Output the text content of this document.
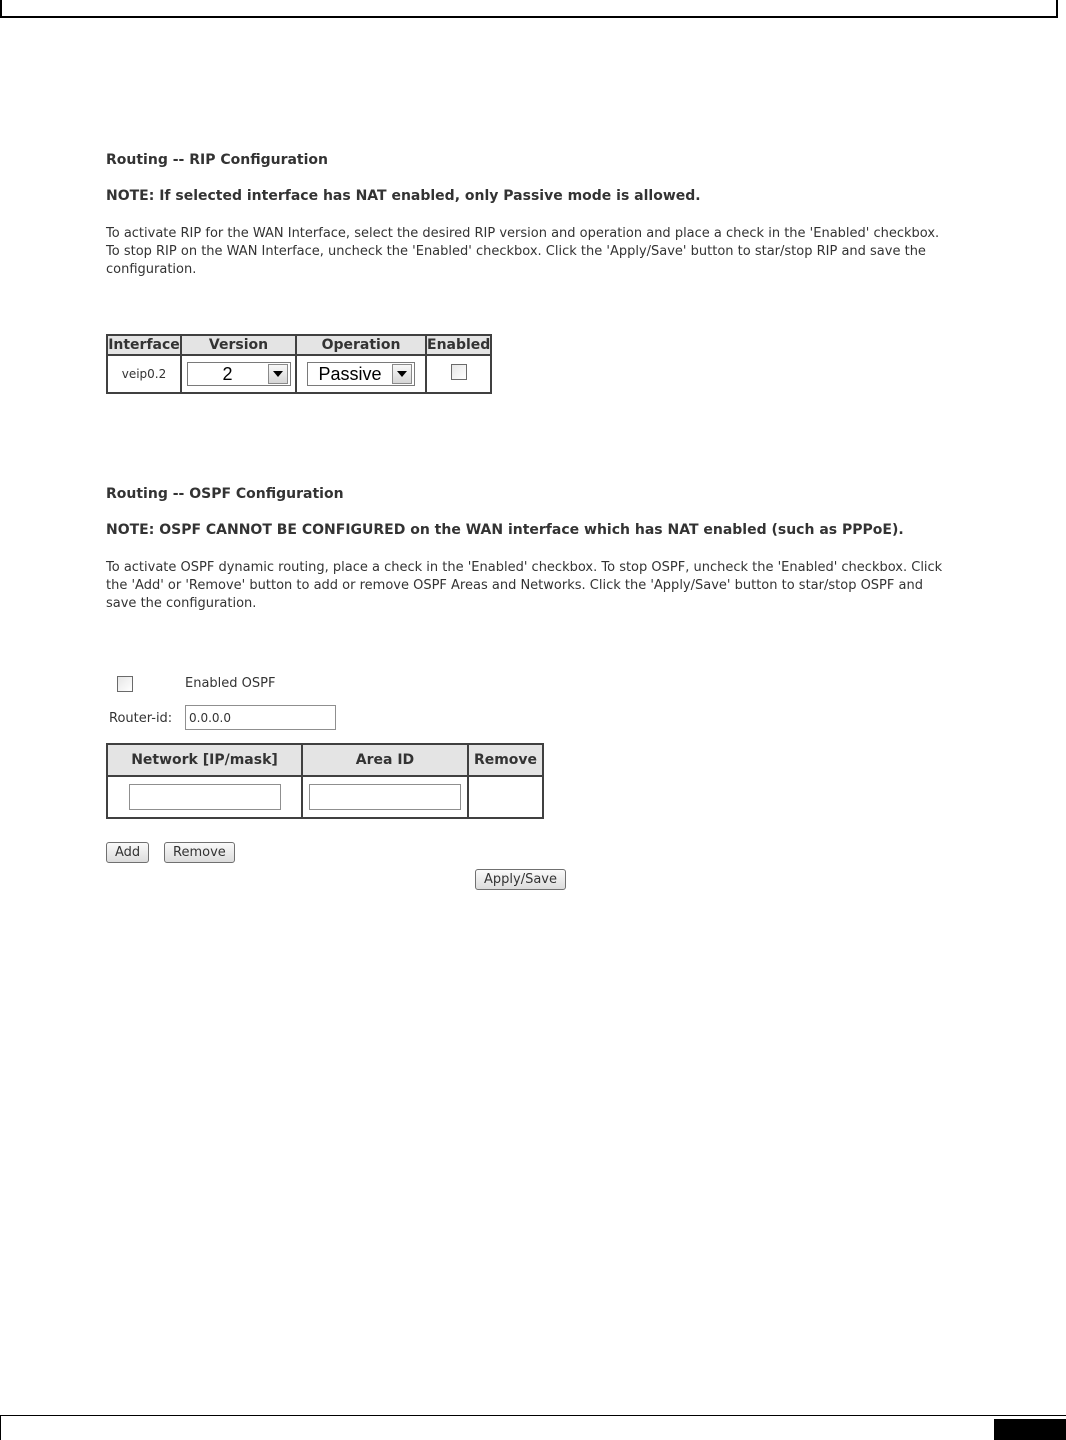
Routing -- RIP Configuration
NOTE: If selected interface has NAT enabled, only Passive mode is allowed.
To activate RIP for the WAN Interface, select the desired RIP version and operation and place a check in the 'Enabled' checkbox. To stop RIP on the WAN Interface, uncheck the 'Enabled' checkbox. Click the 'Apply/Save' button to star/stop RIP and save the configuration.
Interface	Version	Operation	Enabled
veip0.2	2	Passive	

Routing -- OSPF Configuration
NOTE: OSPF CANNOT BE CONFIGURED on the WAN interface which has NAT enabled (such as PPPoE).
To activate OSPF dynamic routing, place a check in the 'Enabled' checkbox. To stop OSPF, uncheck the 'Enabled' checkbox. Click the 'Add' or 'Remove' button to add or remove OSPF Areas and Networks. Click the 'Apply/Save' button to star/stop OSPF and save the configuration.
Enabled OSPF
Router-id:
0.0.0.0
Network [IP/mask]	Area ID	Remove

Add	Remove
Apply/Save
